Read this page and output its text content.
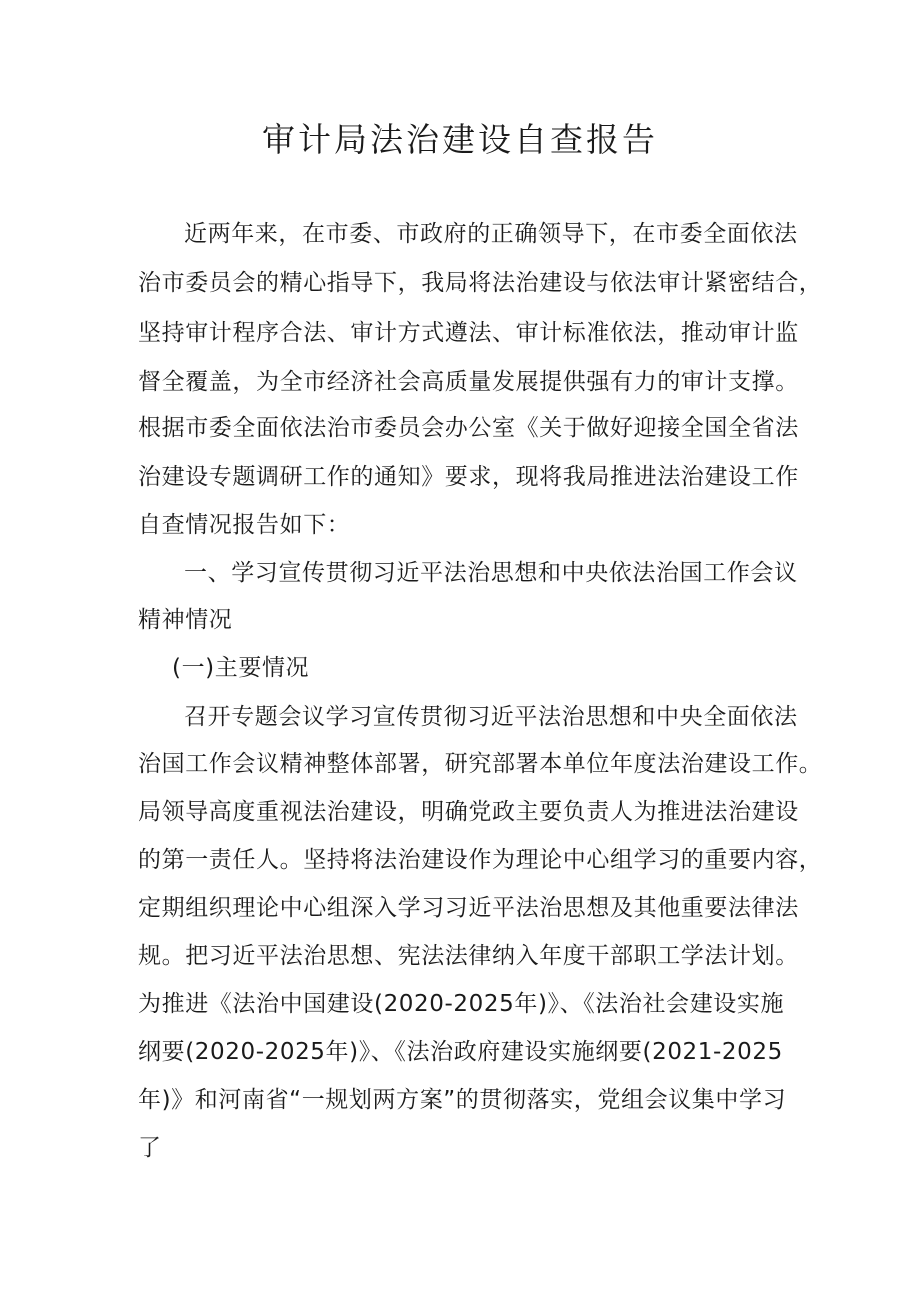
审计局法治建设自查报告

近两年来，在市委、市政府的正确领导下，在市委全面依法

治市委员会的精心指导下，我局将法治建设与依法审计紧密结合，

坚持审计程序合法、审计方式遵法、审计标准依法，推动审计监

督全覆盖，为全市经济社会高质量发展提供强有力的审计支撑。

根据市委全面依法治市委员会办公室《关于做好迎接全国全省法

治建设专题调研工作的通知》要求，现将我局推进法治建设工作

自查情况报告如下：

一、学习宣传贯彻习近平法治思想和中央依法治国工作会议

精神情况

(一)主要情况

召开专题会议学习宣传贯彻习近平法治思想和中央全面依法

治国工作会议精神整体部署，研究部署本单位年度法治建设工作。

局领导高度重视法治建设，明确党政主要负责人为推进法治建设

的第一责任人。坚持将法治建设作为理论中心组学习的重要内容，

定期组织理论中心组深入学习习近平法治思想及其他重要法律法

规。把习近平法治思想、宪法法律纳入年度干部职工学法计划。

为推进《法治中国建设(2020-2025年)》、《法治社会建设实施

纲要(2020-2025年)》、《法治政府建设实施纲要(2021-2025

年)》和河南省“一规划两方案”的贯彻落实，党组会议集中学习

了
